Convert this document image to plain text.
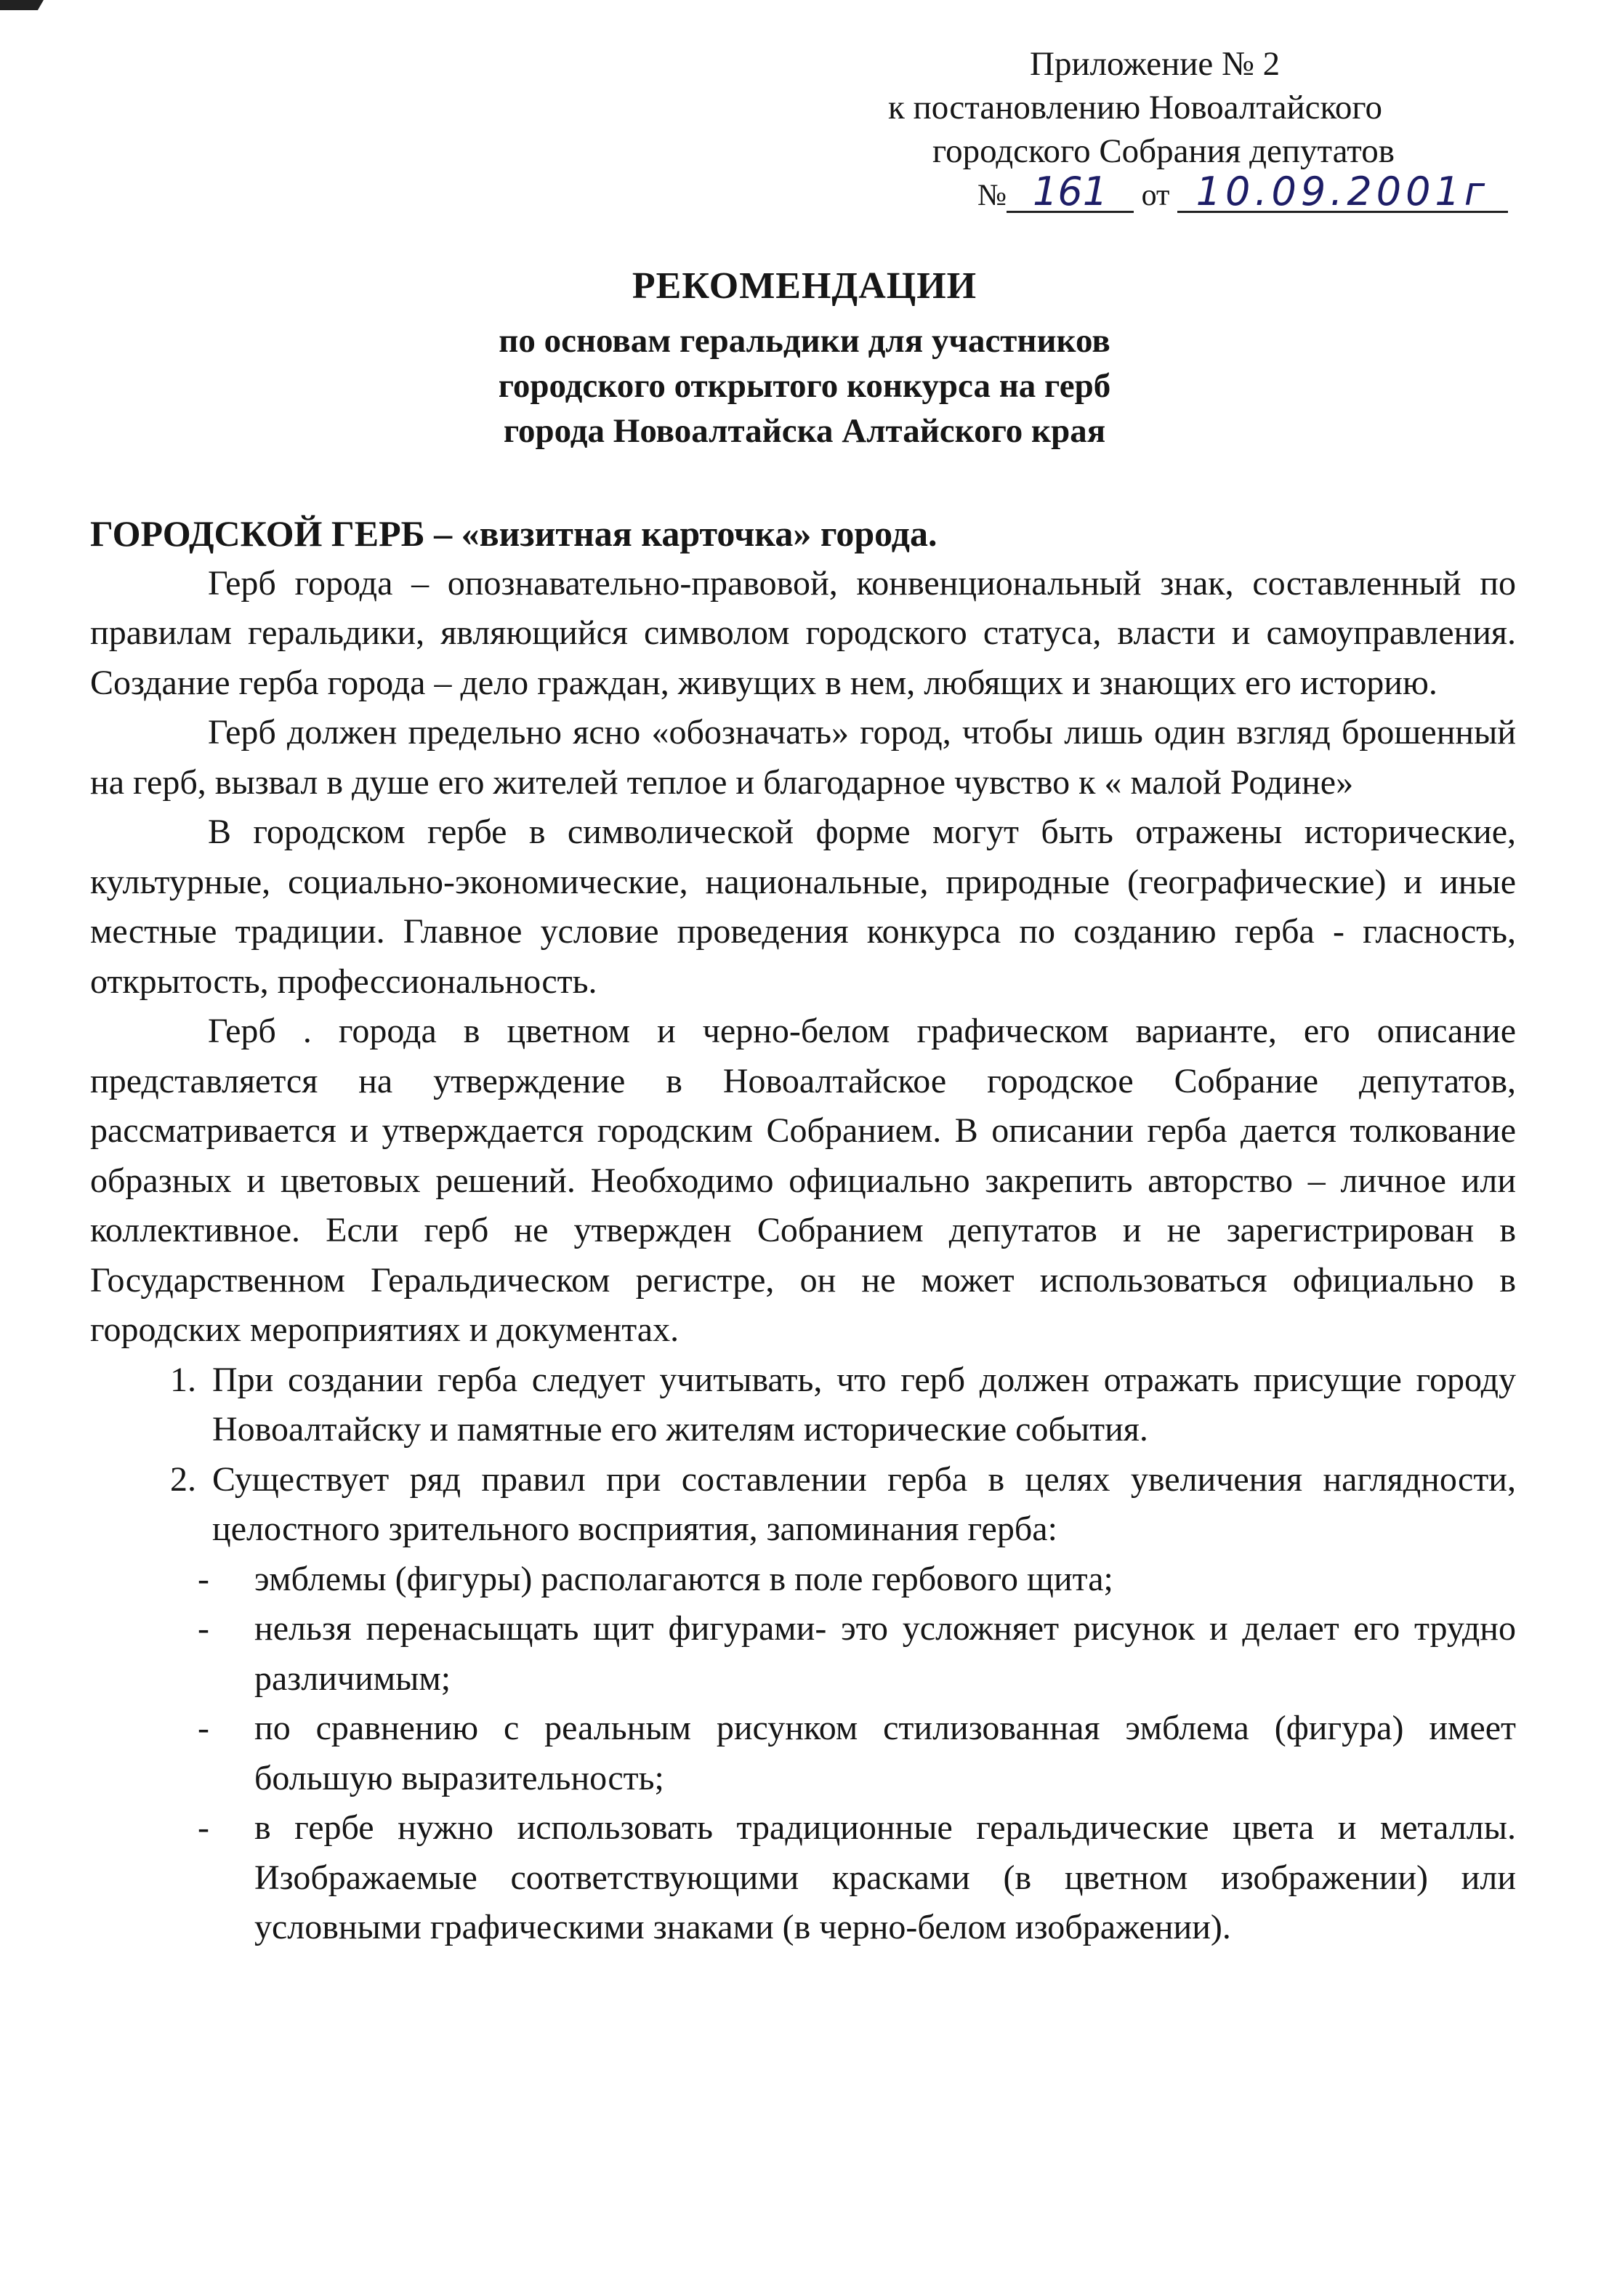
Приложение № 2
к постановлению Новоалтайского
городского Собрания депутатов
№ 161 от 10.09.2001г
РЕКОМЕНДАЦИИ
по основам геральдики для участников
городского открытого конкурса на герб
города Новоалтайска Алтайского края

ГОРОДСКОЙ ГЕРБ – «визитная карточка» города.

Герб города – опознавательно-правовой, конвенциональный знак, составленный по правилам геральдики, являющийся символом городского статуса, власти и самоуправления. Создание герба города – дело граждан, живущих в нем, любящих и знающих его историю.

Герб должен предельно ясно «обозначать» город, чтобы лишь один взгляд брошенный на герб, вызвал в душе его жителей теплое и благодарное чувство к « малой Родине»

В городском гербе в символической форме могут быть отражены исторические, культурные, социально-экономические, национальные, природные (географические) и иные местные традиции. Главное условие проведения конкурса по созданию герба - гласность, открытость, профессиональность.

Герб . города в цветном и черно-белом графическом варианте, его описание представляется на утверждение в Новоалтайское городское Собрание депутатов, рассматривается и утверждается городским Собранием. В описании герба дается толкование образных и цветовых решений. Необходимо официально закрепить авторство – личное или коллективное. Если герб не утвержден Собранием депутатов и не зарегистрирован в Государственном Геральдическом регистре, он не может использоваться официально в городских мероприятиях и документах.

1. При создании герба следует учитывать, что герб должен отражать присущие городу Новоалтайску и памятные его жителям исторические события.
2. Существует ряд правил при составлении герба в целях увеличения наглядности, целостного зрительного восприятия, запоминания герба:
-	эмблемы (фигуры) располагаются в поле гербового щита;
-	нельзя перенасыщать щит фигурами- это усложняет рисунок и делает его трудно различимым;
-	по сравнению с реальным рисунком стилизованная эмблема (фигура) имеет большую выразительность;
-	в гербе нужно использовать традиционные геральдические цвета и металлы. Изображаемые соответствующими красками (в цветном изображении) или условными графическими знаками (в черно-белом изображении).
